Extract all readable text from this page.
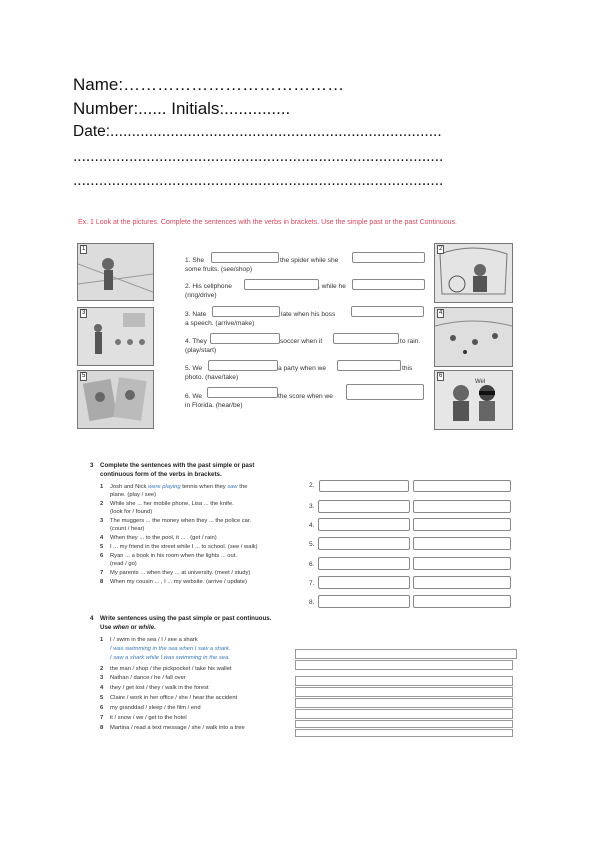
Name:…………………………………
Number:...... Initials:..............
Date:.............................................................................
......................................................................................
......................................................................................
Ex. 1 Look at the pictures. Complete the sentences with the verbs in brackets. Use the simple past or the past Continuous.
1
3
5
2
4
Wel
6
1. She	the spider while she
some fruits. (see/shop)
2. His cellphone	, while he
(ring/drive)
3. Nate	late when his boss
a speech. (arrive/make)
4. They	soccer when it	to rain.
(play/start)
5. We	a party when we	this
photo. (have/take)
6. We	the score when we
in Florida. (hear/be)
3 Complete the sentences with the past simple or past
continuous form of the verbs in brackets.
1 Josh and Nick were playing tennis when they saw the
plane. (play / see)
2 While she ... her mobile phone, Lisa ... the knife.
(look for / found)
3 The muggers ... the money when they ... the police car.
(count / hear)
4 When they ... to the pool, it ... . (get / rain)
5 I ... my friend in the street while I ... to school. (see / walk)
6 Ryan ... a book in his room when the lights ... out.
(read / go)
7 My parents ... when they ... at university. (meet / study)
8 When my cousin ... , I ... my website. (arrive / update)
2.
3.
4.
5.
6.
7.
8.
4 Write sentences using the past simple or past continuous.
Use when or while.
1 I / swim in the sea / I / see a shark
I was swimming in the sea when I saw a shark.
I saw a shark while I was swimming in the sea.
2 the man / shop / the pickpocket / take his wallet
3 Nathan / dance / he / fall over
4 they / get lost / they / walk in the forest
5 Claire / work in her office / she / hear the accident
6 my granddad / sleep / the film / end
7 it / snow / we / get to the hotel
8 Martina / read a text message / she / walk into a tree
